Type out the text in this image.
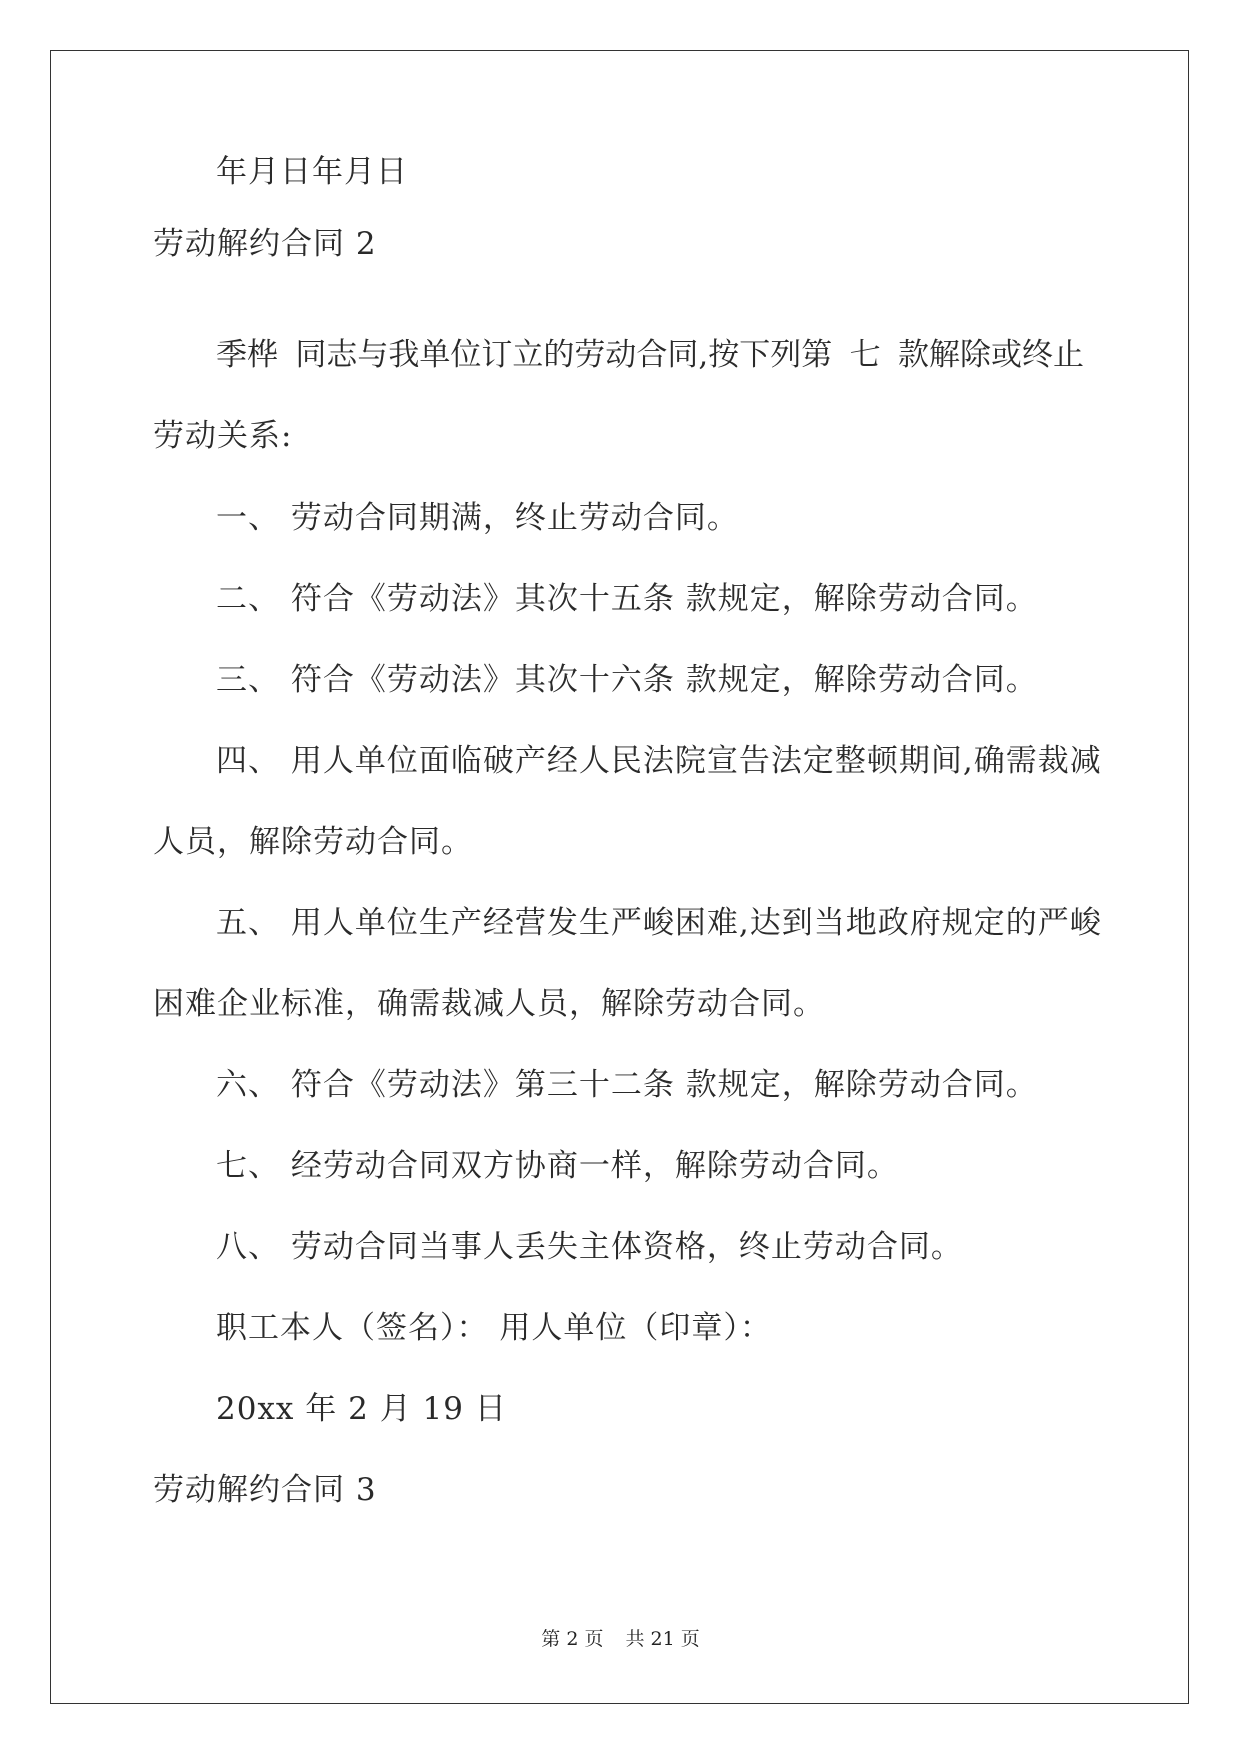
年月日年月日
劳动解约合同 2
季桦 同志与我单位订立的劳动合同,按下列第 七 款解除或终止
劳动关系:
一、 劳动合同期满，终止劳动合同。
二、 符合《劳动法》其次十五条 款规定，解除劳动合同。
三、 符合《劳动法》其次十六条 款规定，解除劳动合同。
四、 用人单位面临破产经人民法院宣告法定整顿期间,确需裁减
人员，解除劳动合同。
五、 用人单位生产经营发生严峻困难,达到当地政府规定的严峻
困难企业标准，确需裁减人员，解除劳动合同。
六、 符合《劳动法》第三十二条 款规定，解除劳动合同。
七、 经劳动合同双方协商一样，解除劳动合同。
八、 劳动合同当事人丢失主体资格，终止劳动合同。
职工本人（签名）： 用人单位（印章）：
20xx 年 2 月 19 日
劳动解约合同 3
第 2 页 共 21 页
